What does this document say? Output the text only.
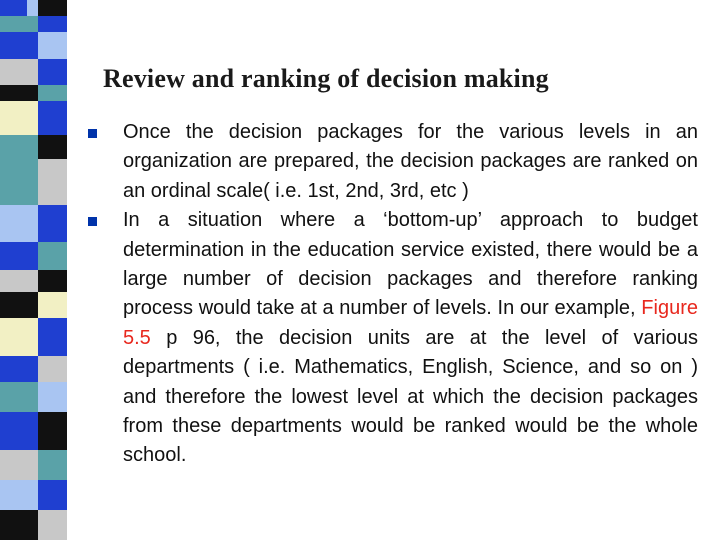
Review and ranking of decision making
Once the decision packages for the various levels in an organization are prepared, the decision packages are ranked on an ordinal scale( i.e. 1st, 2nd, 3rd, etc )
In a situation where a ‘bottom-up’ approach to budget determination in the education service existed, there would be a large number of decision packages and therefore ranking process would take at a number of levels. In our example, Figure 5.5 p 96, the decision units are at the level of various departments ( i.e. Mathematics, English, Science, and so on ) and therefore the lowest level at which the decision packages from these departments would be ranked would be the whole school.
